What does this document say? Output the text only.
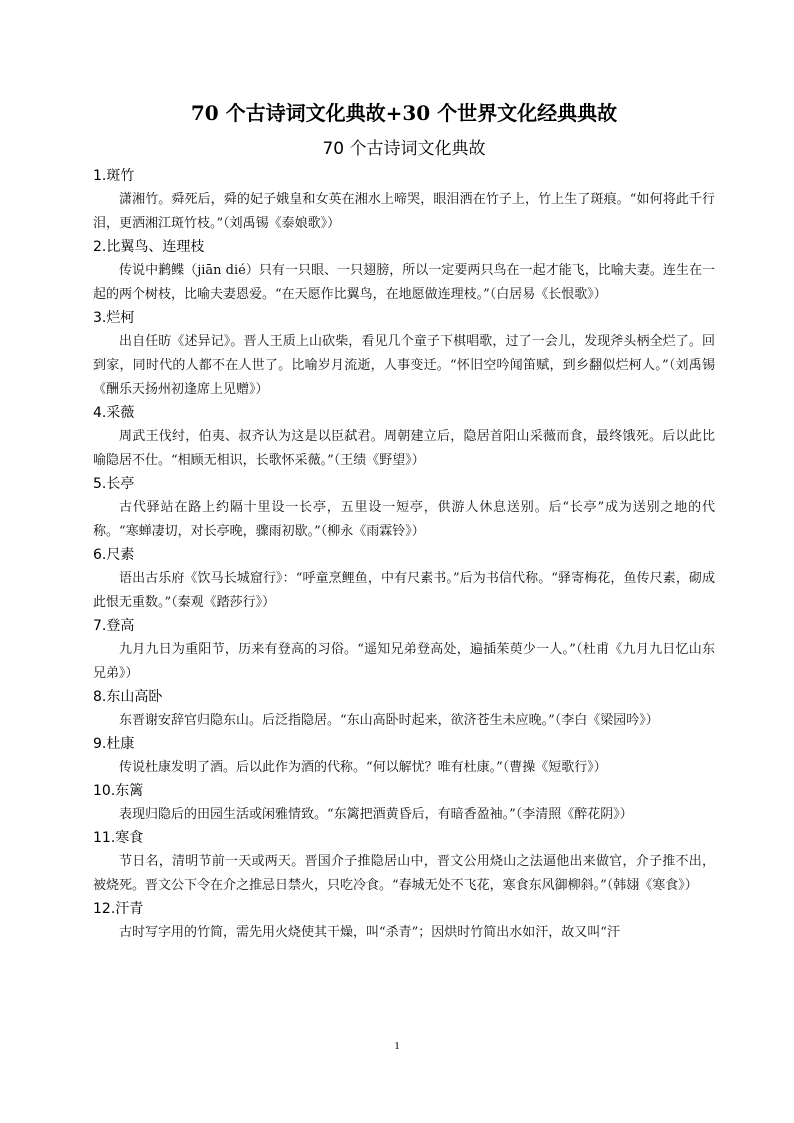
70 个古诗词文化典故+30 个世界文化经典典故
70 个古诗词文化典故
1.斑竹
潇湘竹。舜死后，舜的妃子娥皇和女英在湘水上啼哭，眼泪洒在竹子上，竹上生了斑痕。“如何将此千行泪，更洒湘江斑竹枝。”（刘禹锡《泰娘歌》）
2.比翼鸟、连理枝
传说中鹣鲽（jiān dié）只有一只眼、一只翅膀，所以一定要两只鸟在一起才能飞，比喻夫妻。连生在一起的两个树枝，比喻夫妻恩爱。“在天愿作比翼鸟，在地愿做连理枝。”（白居易《长恨歌》）
3.烂柯
出自任昉《述异记》。晋人王质上山砍柴，看见几个童子下棋唱歌，过了一会儿，发现斧头柄全烂了。回到家，同时代的人都不在人世了。比喻岁月流逝，人事变迁。“怀旧空吟闻笛赋，到乡翻似烂柯人。”（刘禹锡《酬乐天扬州初逢席上见赠》）
4.采薇
周武王伐纣，伯夷、叔齐认为这是以臣弑君。周朝建立后，隐居首阳山采薇而食，最终饿死。后以此比喻隐居不仕。“相顾无相识，长歌怀采薇。”（王绩《野望》）
5.长亭
古代驿站在路上约隔十里设一长亭，五里设一短亭，供游人休息送别。后“长亭”成为送别之地的代称。“寒蝉凄切，对长亭晚，骤雨初歇。”（柳永《雨霖铃》）
6.尺素
语出古乐府《饮马长城窟行》：“呼童烹鲤鱼，中有尺素书。”后为书信代称。“驿寄梅花，鱼传尺素，砌成此恨无重数。”（秦观《踏莎行》）
7.登高
九月九日为重阳节，历来有登高的习俗。“遥知兄弟登高处，遍插茱萸少一人。”（杜甫《九月九日忆山东兄弟》）
8.东山高卧
东晋谢安辞官归隐东山。后泛指隐居。“东山高卧时起来，欲济苍生未应晚。”（李白《梁园吟》）
9.杜康
传说杜康发明了酒。后以此作为酒的代称。“何以解忧？唯有杜康。”（曹操《短歌行》）
10.东篱
表现归隐后的田园生活或闲雅情致。“东篱把酒黄昏后，有暗香盈袖。”（李清照《醉花阴》）
11.寒食
节日名，清明节前一天或两天。晋国介子推隐居山中，晋文公用烧山之法逼他出来做官，介子推不出，被烧死。晋文公下令在介之推忌日禁火，只吃冷食。“春城无处不飞花，寒食东风御柳斜。”（韩翃《寒食》）
12.汗青
古时写字用的竹简，需先用火烧使其干燥，叫“杀青”；因烘时竹简出水如汗，故又叫“汗
1
